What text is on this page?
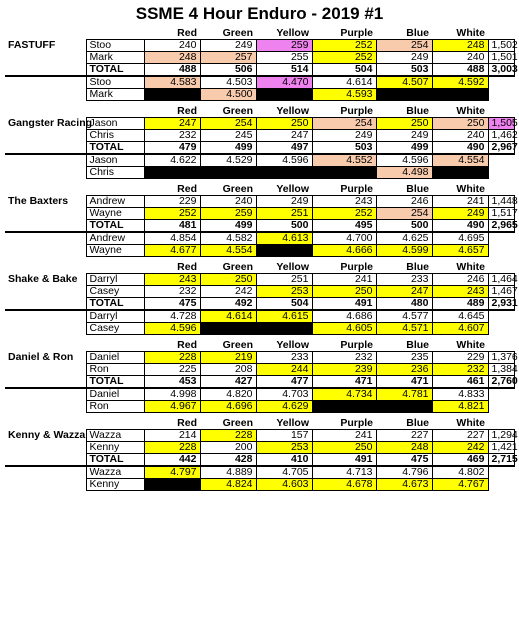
SSME 4 Hour Enduro - 2019 #1
		Red	Green	Yellow	Purple	Blue	White		
FASTUFF	Stoo	240	249	259	252	254	248	1,502	
	Mark	248	257	255	252	249	240	1,501	
	TOTAL	488	506	514	504	503	488	3,003	
	Stoo	4.583	4.503	4.470	4.614	4.507	4.592		
	Mark		4.500		4.593				

		Red	Green	Yellow	Purple	Blue	White		
Gangster Racing	Jason	247	254	250	254	250	250	1,505	
	Chris	232	245	247	249	249	240	1,462	
	TOTAL	479	499	497	503	499	490	2,967	
	Jason	4.622	4.529	4.596	4.552	4.596	4.554		
	Chris					4.498			

		Red	Green	Yellow	Purple	Blue	White		
The Baxters	Andrew	229	240	249	243	246	241	1,448	
	Wayne	252	259	251	252	254	249	1,517	
	TOTAL	481	499	500	495	500	490	2,965	
	Andrew	4.854	4.582	4.613	4.700	4.625	4.695		
	Wayne	4.677	4.554		4.666	4.599	4.657		

		Red	Green	Yellow	Purple	Blue	White		
Shake & Bake	Darryl	243	250	251	241	233	246	1,464	
	Casey	232	242	253	250	247	243	1,467	
	TOTAL	475	492	504	491	480	489	2,931	
	Darryl	4.728	4.614	4.615	4.686	4.577	4.645		
	Casey	4.596			4.605	4.571	4.607		

		Red	Green	Yellow	Purple	Blue	White		
Daniel & Ron	Daniel	228	219	233	232	235	229	1,376	
	Ron	225	208	244	239	236	232	1,384	
	TOTAL	453	427	477	471	471	461	2,760	
	Daniel	4.998	4.820	4.703	4.734	4.781	4.833		
	Ron	4.967	4.696	4.629			4.821		

		Red	Green	Yellow	Purple	Blue	White		
Kenny & Wazza	Wazza	214	228	157	241	227	227	1,294	
	Kenny	228	200	253	250	248	242	1,421	
	TOTAL	442	428	410	491	475	469	2,715	
	Wazza	4.797	4.889	4.705	4.713	4.796	4.802		
	Kenny		4.824	4.603	4.678	4.673	4.767		
